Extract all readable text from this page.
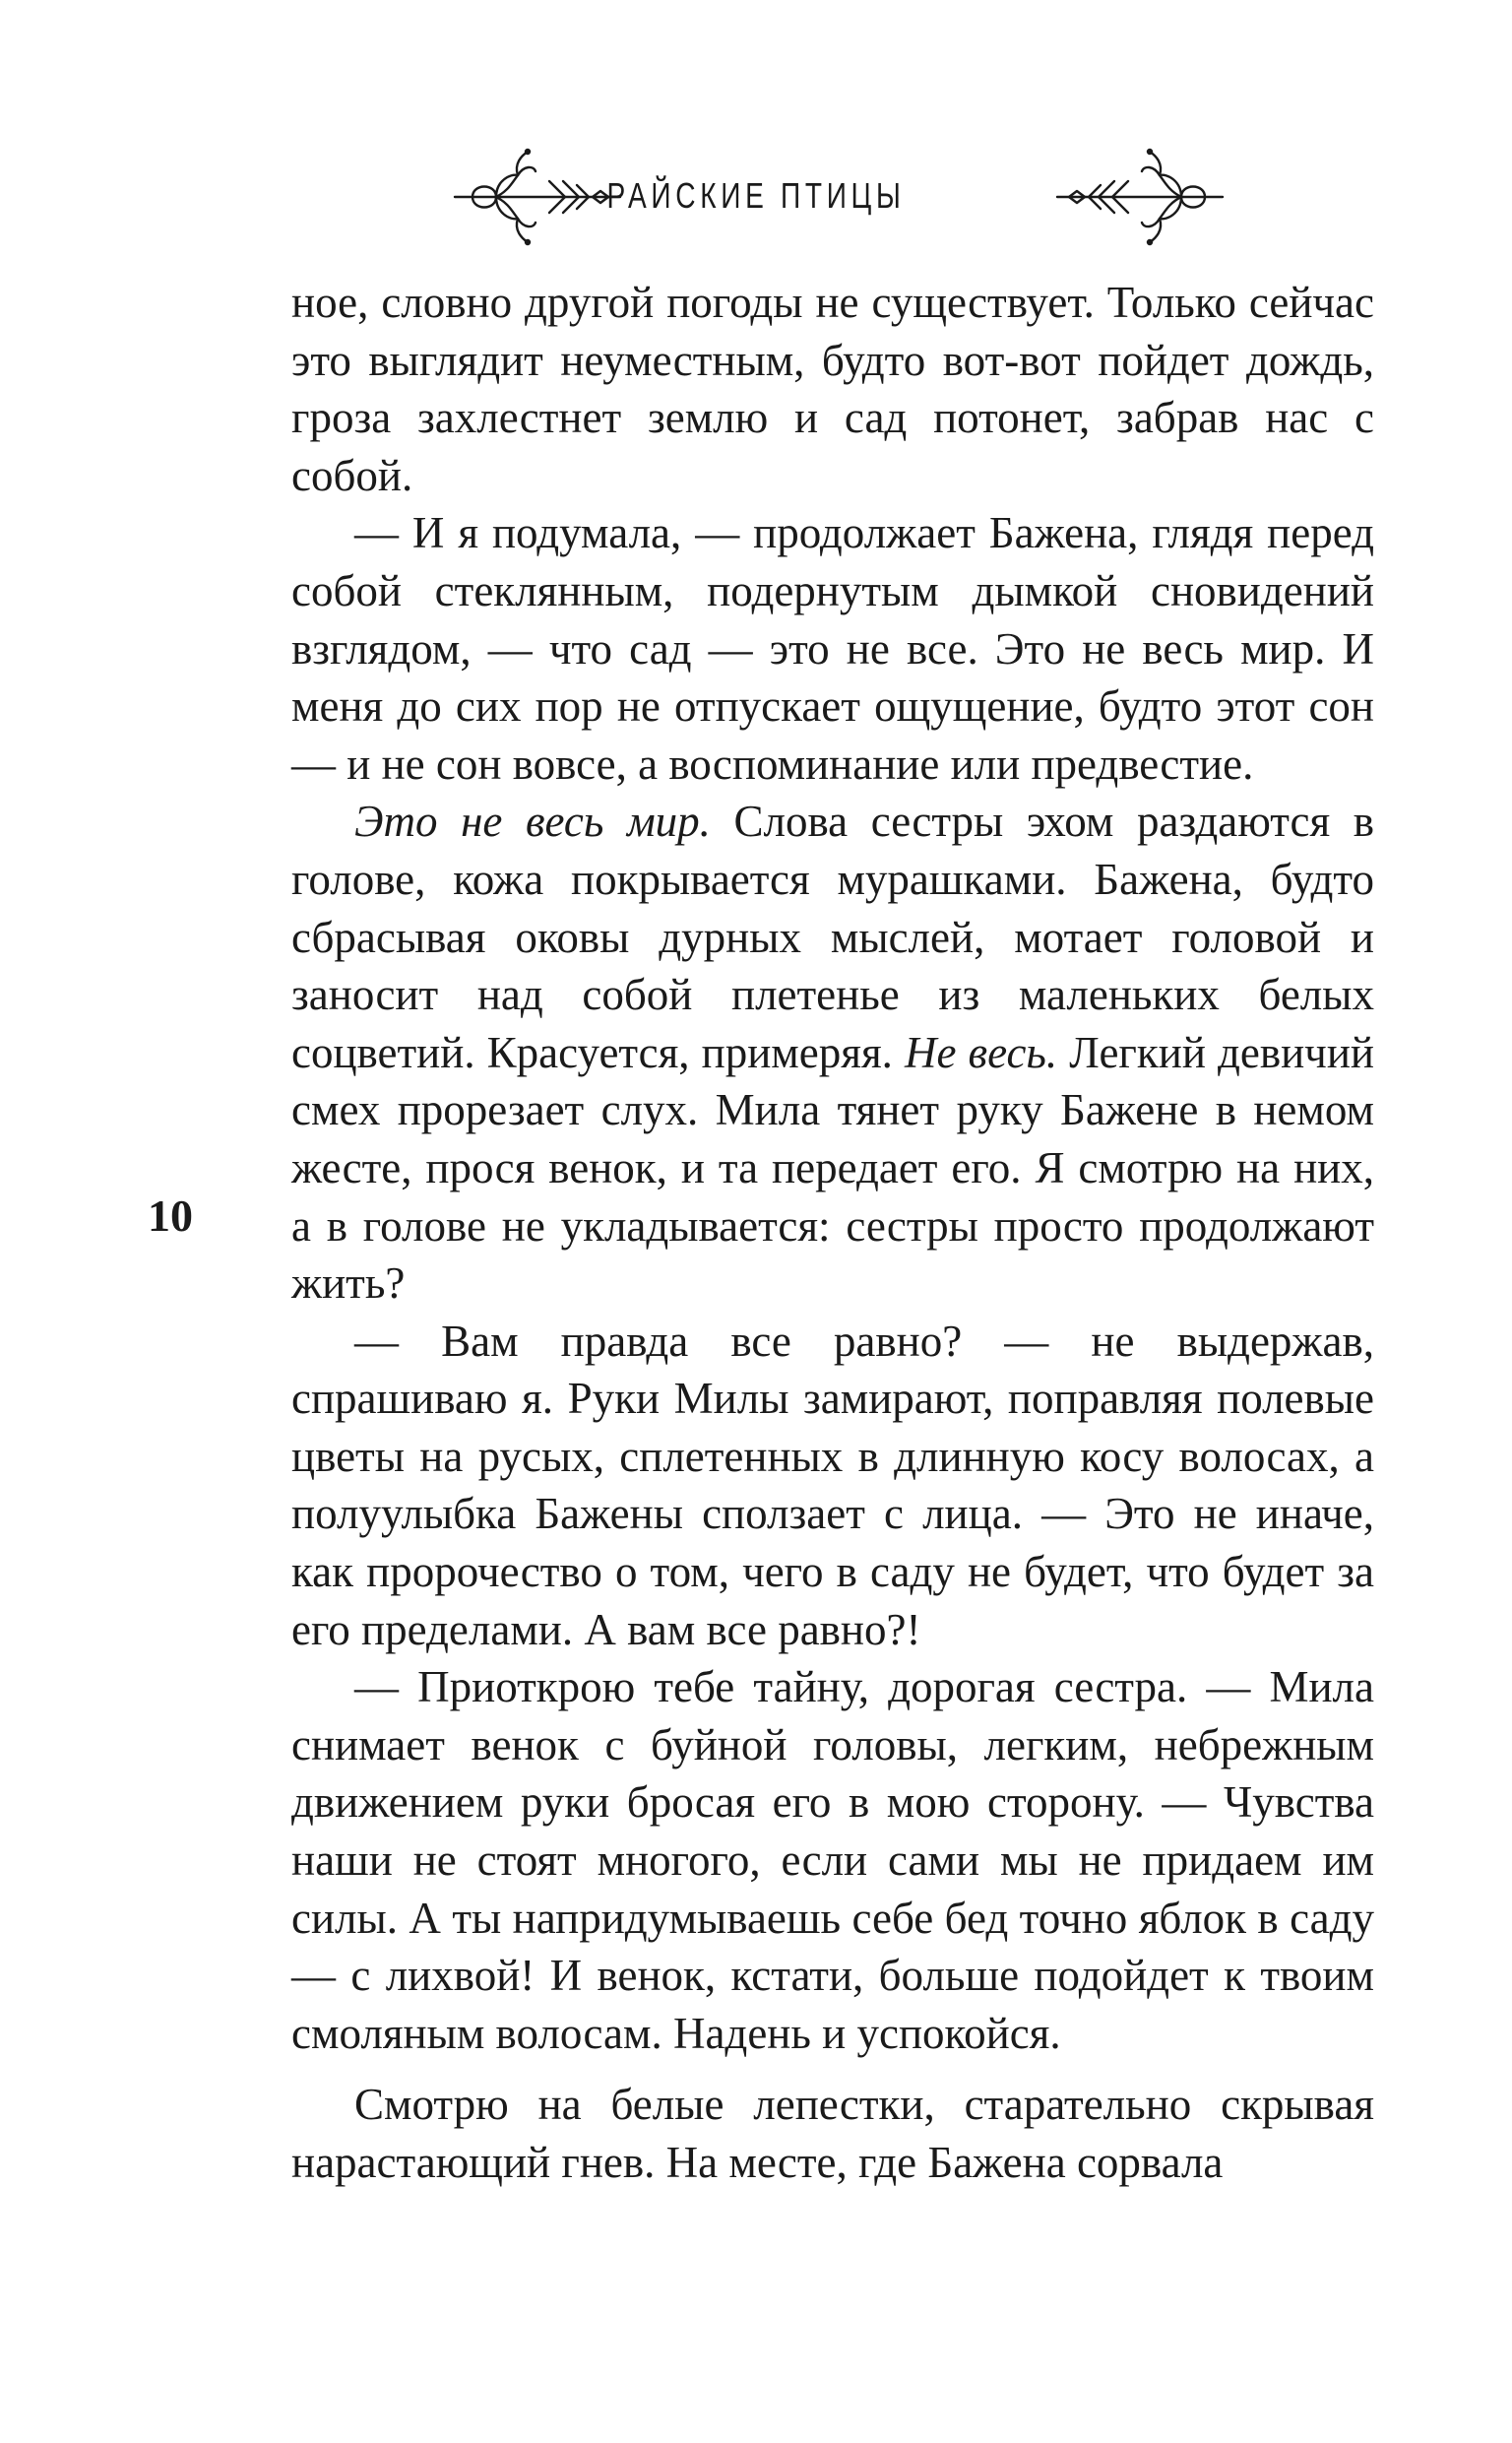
РАЙСКИЕ ПТИЦЫ
10

ное, словно другой погоды не существует. Только сейчас это выглядит неуместным, будто вот-вот пойдет дождь, гроза захлестнет землю и сад потонет, забрав нас с собой.

— И я подумала, — продолжает Бажена, глядя перед собой стеклянным, подернутым дымкой сновидений взглядом, — что сад — это не все. Это не весь мир. И меня до сих пор не отпускает ощущение, будто этот сон — и не сон вовсе, а воспоминание или предвестие.

Это не весь мир. Слова сестры эхом раздаются в голове, кожа покрывается мурашками. Бажена, будто сбрасывая оковы дурных мыслей, мотает головой и заносит над собой плетенье из маленьких белых соцветий. Красуется, примеряя. Не весь. Легкий девичий смех прорезает слух. Мила тянет руку Бажене в немом жесте, прося венок, и та передает его. Я смотрю на них, а в голове не укладывается: сестры просто продолжают жить?

— Вам правда все равно? — не выдержав, спрашиваю я. Руки Милы замирают, поправляя полевые цветы на русых, сплетенных в длинную косу волосах, а полуулыбка Бажены сползает с лица. — Это не иначе, как пророчество о том, чего в саду не будет, что будет за его пределами. А вам все равно?!

— Приоткрою тебе тайну, дорогая сестра. — Мила снимает венок с буйной головы, легким, небрежным движением руки бросая его в мою сторону. — Чувства наши не стоят многого, если сами мы не придаем им силы. А ты напридумываешь себе бед точно яблок в саду — с лихвой! И венок, кстати, больше подойдет к твоим смоляным волосам. Надень и успокойся.

Смотрю на белые лепестки, старательно скрывая нарастающий гнев. На месте, где Бажена сорвала
